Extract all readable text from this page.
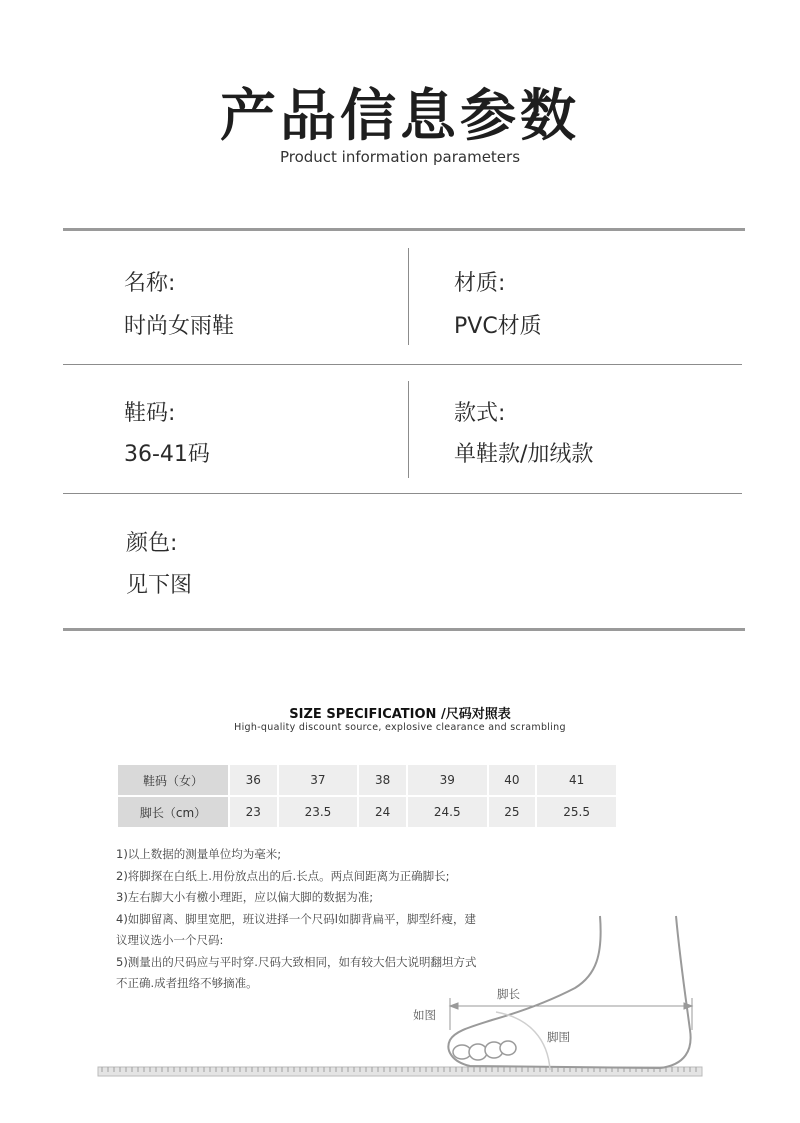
产品信息参数
Product information parameters
名称:
时尚女雨鞋
材质:
PVC材质
鞋码:
36-41码
款式:
单鞋款/加绒款
颜色:
见下图
SIZE SPECIFICATION /尺码对照表
High-quality discount source, explosive clearance and scrambling
鞋码（女）	36	37	38	39	40	41
脚长（cm）	23	23.5	24	24.5	25	25.5
1)以上数据的测量单位均为毫米;
2)将脚探在白纸上.用份放点出的后.长点。两点间距离为正确脚长;
3)左右脚大小有檄小理距，应以偏大脚的数据为准;
4)如脚留离、脚里宽肥，班议进择一个尺码l如脚背扁平，脚型纤瘦，建
议理议选小一个尺码:
5)测量出的尺码应与平时穿.尺码大致相同，如有较大侣大说明翻坦方式
不正确.成者扭络不够摘准。
脚长
如图
脚围
